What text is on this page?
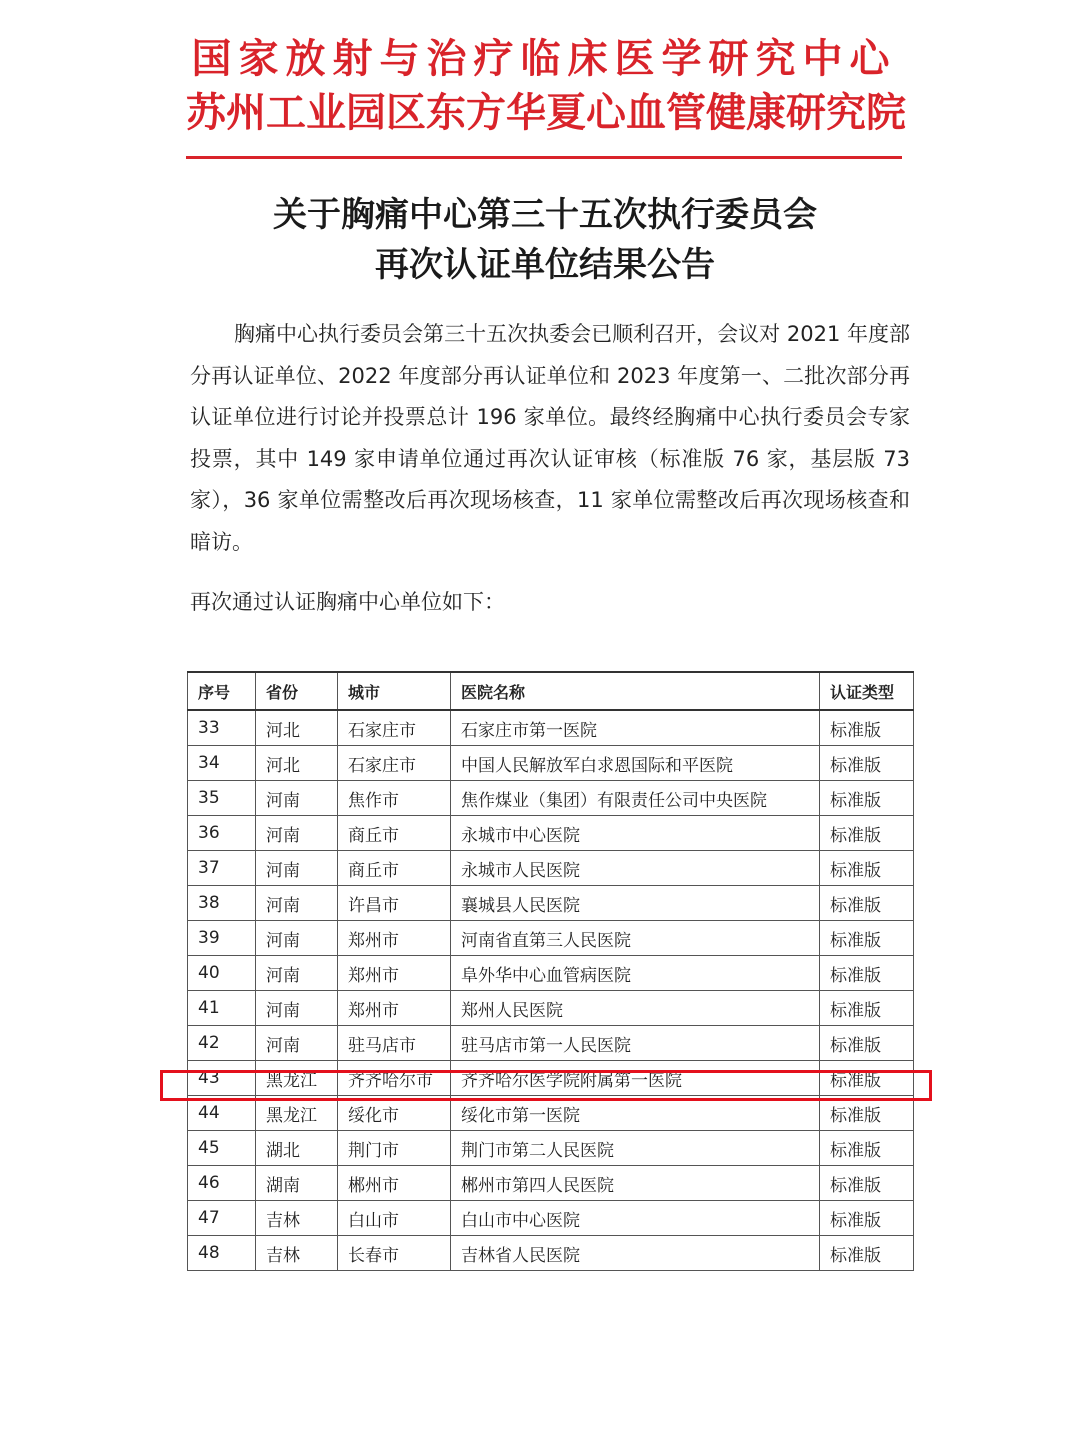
国家放射与治疗临床医学研究中心
苏州工业园区东方华夏心血管健康研究院
关于胸痛中心第三十五次执行委员会
再次认证单位结果公告

胸痛中心执行委员会第三十五次执委会已顺利召开，会议对 2021 年度部分再认证单位、2022 年度部分再认证单位和 2023 年度第一、二批次部分再认证单位进行讨论并投票总计 196 家单位。最终经胸痛中心执行委员会专家投票，其中 149 家申请单位通过再次认证审核（标准版 76 家，基层版 73 家），36 家单位需整改后再次现场核查，11 家单位需整改后再次现场核查和暗访。

再次通过认证胸痛中心单位如下：
序号	省份	城市	医院名称	认证类型
33	河北	石家庄市	石家庄市第一医院	标准版
34	河北	石家庄市	中国人民解放军白求恩国际和平医院	标准版
35	河南	焦作市	焦作煤业（集团）有限责任公司中央医院	标准版
36	河南	商丘市	永城市中心医院	标准版
37	河南	商丘市	永城市人民医院	标准版
38	河南	许昌市	襄城县人民医院	标准版
39	河南	郑州市	河南省直第三人民医院	标准版
40	河南	郑州市	阜外华中心血管病医院	标准版
41	河南	郑州市	郑州人民医院	标准版
42	河南	驻马店市	驻马店市第一人民医院	标准版
43	黑龙江	齐齐哈尔市	齐齐哈尔医学院附属第一医院	标准版
44	黑龙江	绥化市	绥化市第一医院	标准版
45	湖北	荆门市	荆门市第二人民医院	标准版
46	湖南	郴州市	郴州市第四人民医院	标准版
47	吉林	白山市	白山市中心医院	标准版
48	吉林	长春市	吉林省人民医院	标准版
